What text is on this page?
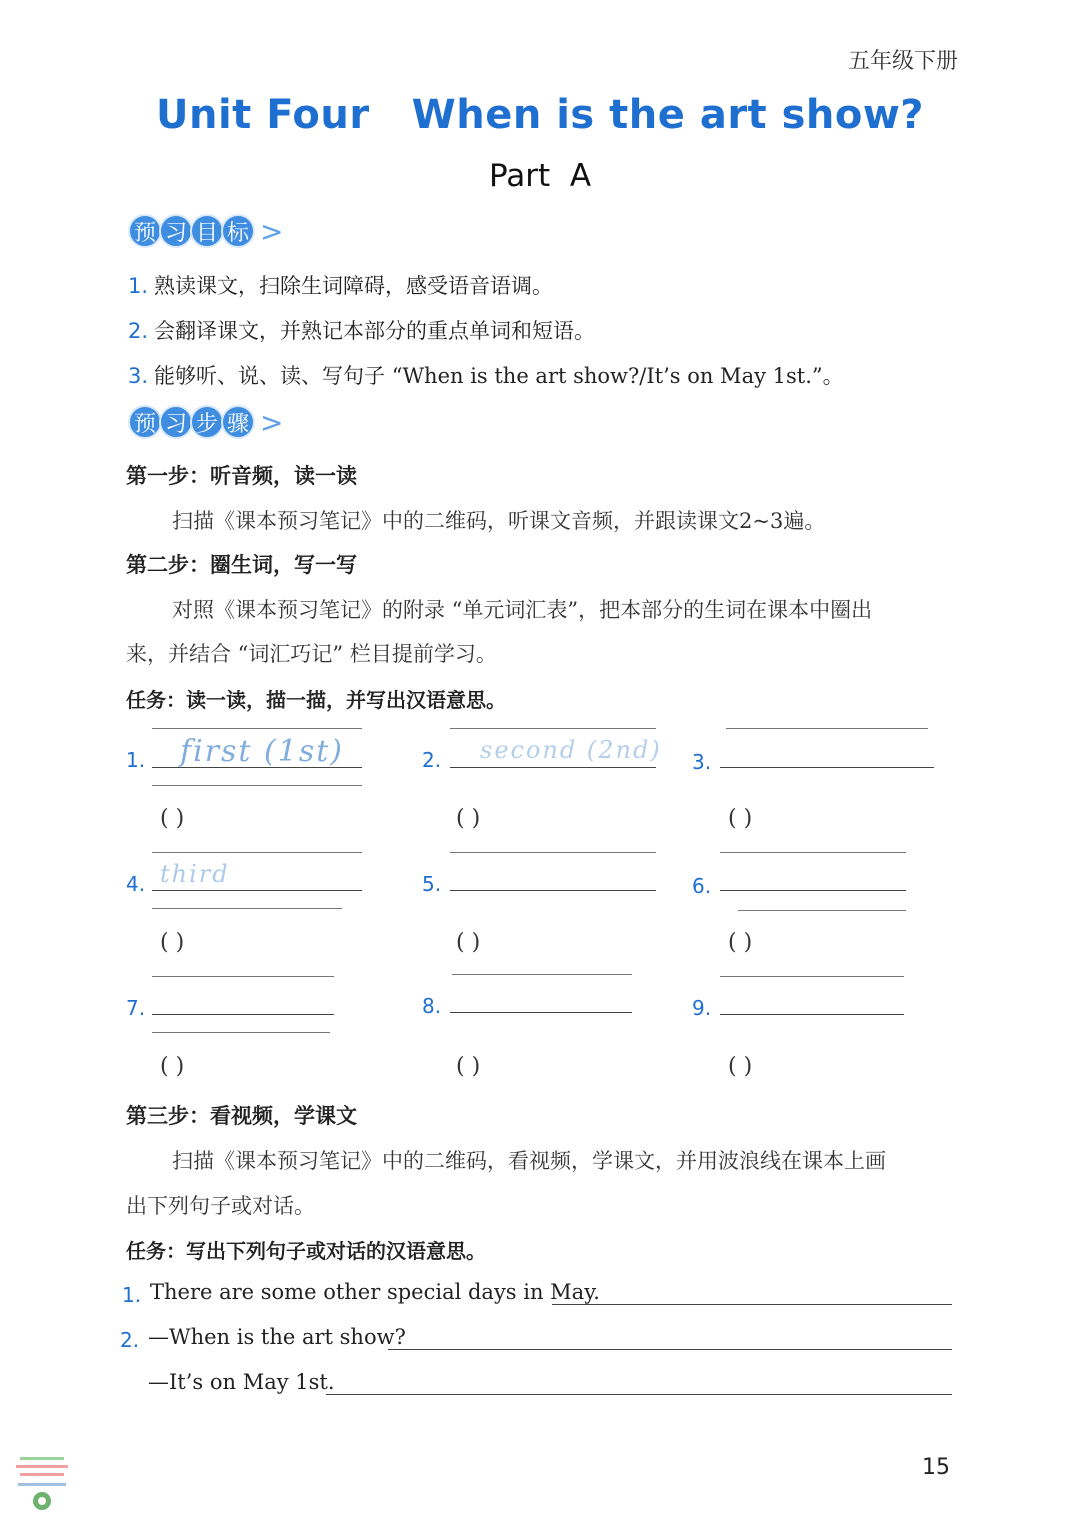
五年级下册
Unit Four When is the art show?
Part  A
预 习 目 标 >
1. 熟读课文，扫除生词障碍，感受语音语调。
2. 会翻译课文，并熟记本部分的重点单词和短语。
3. 能够听、说、读、写句子 “When is the art show?/It’s on May 1st.”。
预 习 步 骤 >
第一步：听音频，读一读
扫描《课本预习笔记》中的二维码，听课文音频，并跟读课文2~3遍。
第二步：圈生词，写一写
对照《课本预习笔记》的附录 “单元词汇表”，把本部分的生词在课本中圈出
来，并结合 “词汇巧记” 栏目提前学习。
任务：读一读，描一描，并写出汉语意思。
1. first (1st)	2. second (2nd) 3.
( )	( )	( )
4. third	5.	6.
( )	( )	( )
7.	8.	9.
( )	( )	( )
第三步：看视频，学课文
扫描《课本预习笔记》中的二维码，看视频，学课文，并用波浪线在课本上画
出下列句子或对话。
任务：写出下列句子或对话的汉语意思。
1. There are some other special days in May.
2. —When is the art show?
—It’s on May 1st.
15
